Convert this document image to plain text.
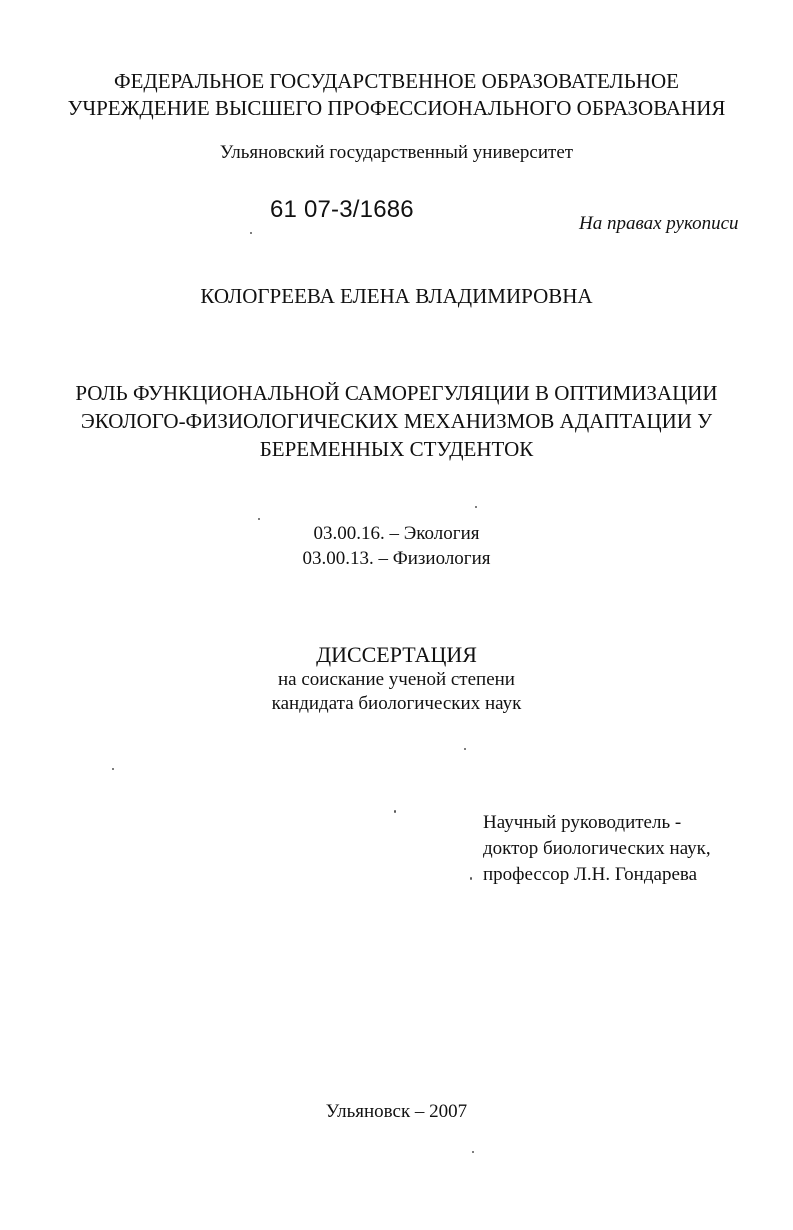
ФЕДЕРАЛЬНОЕ ГОСУДАРСТВЕННОЕ ОБРАЗОВАТЕЛЬНОЕ
УЧРЕЖДЕНИЕ ВЫСШЕГО ПРОФЕССИОНАЛЬНОГО ОБРАЗОВАНИЯ
Ульяновский государственный университет
61 07-3/1686
На правах рукописи
КОЛОГРЕЕВА ЕЛЕНА ВЛАДИМИРОВНА
РОЛЬ ФУНКЦИОНАЛЬНОЙ САМОРЕГУЛЯЦИИ В ОПТИМИЗАЦИИ
ЭКОЛОГО-ФИЗИОЛОГИЧЕСКИХ МЕХАНИЗМОВ АДАПТАЦИИ У
БЕРЕМЕННЫХ СТУДЕНТОК
03.00.16. – Экология
03.00.13. – Физиология
ДИССЕРТАЦИЯ
на соискание ученой степени
кандидата биологических наук
Научный руководитель -
доктор биологических наук,
профессор Л.Н. Гондарева
Ульяновск – 2007
